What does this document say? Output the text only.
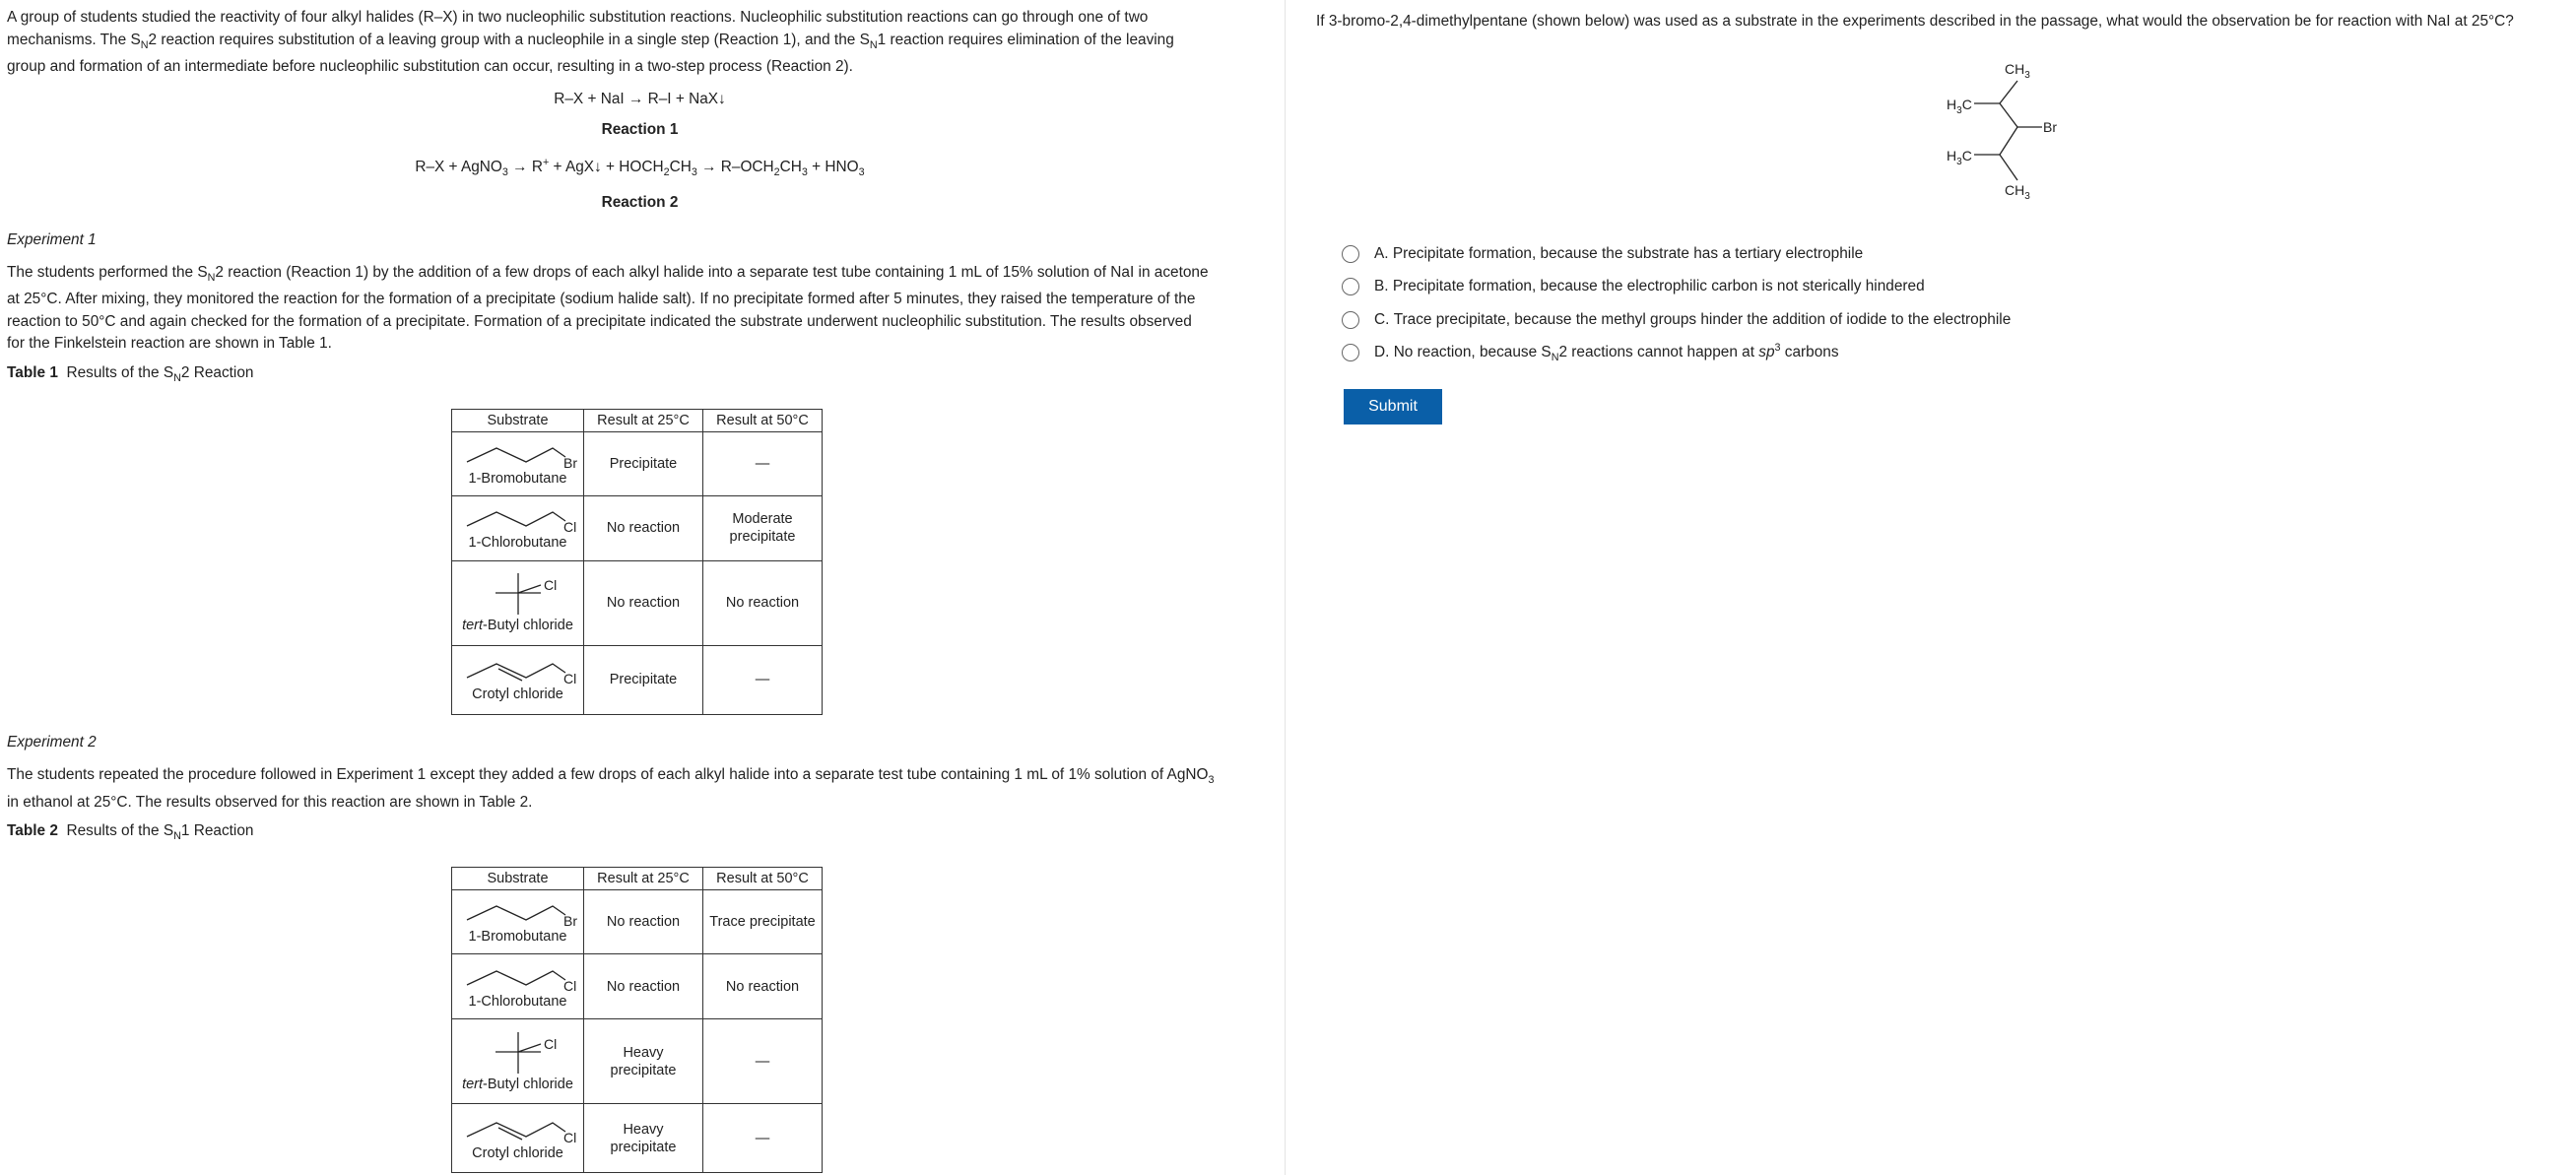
A group of students studied the reactivity of four alkyl halides (R–X) in two nucleophilic substitution reactions. Nucleophilic substitution reactions can go through one of two
mechanisms. The $S_N2$ reaction requires substitution of a leaving group with a nucleophile in a single step (Reaction 1), and the $S_N1$ reaction requires elimination of the leaving
group and formation of an intermediate before nucleophilic substitution can occur, resulting in a two-step process (Reaction 2).

R–X + NaI → R–I + NaX↓

Reaction 1

R–X + AgNO$_3$ → R+ + AgX↓ + $HOCH_2CH_3 \to R-OCH_2CH_3 + HNO_3$

Reaction 2

Experiment 1

The students performed the $S_N2$ reaction (Reaction 1) by the addition of a few drops of each alkyl halide into a separate test tube containing 1 mL of 15% solution of NaI in acetone
at 25°C. After mixing, they monitored the reaction for the formation of a precipitate (sodium halide salt). If no precipitate formed after 5 minutes, they raised the temperature of the
reaction to 50°C and again checked for the formation of a precipitate. Formation of a precipitate indicated the substrate underwent nucleophilic substitution. The results observed
for the Finkelstein reaction are shown in Table 1.

Table 1 Results of the $S_N2$ Reaction

Substrate	Result at 25°C	Result at 50°C

Br
1-Bromobutane	Precipitate	—

Cl
1-Chlorobutane	No reaction	Moderate precipitate

Cl
tert-Butyl chloride	No reaction	No reaction

Cl
Crotyl chloride	Precipitate	—

Experiment 2

The students repeated the procedure followed in Experiment 1 except they added a few drops of each alkyl halide into a separate test tube containing 1 mL of 1% solution of AgNO$_3$
in ethanol at 25°C. The results observed for this reaction are shown in Table 2.

Table 2 Results of the $S_N1$ Reaction

Substrate	Result at 25°C	Result at 50°C

Br
1-Bromobutane	No reaction	Trace precipitate

Cl
1-Chlorobutane	No reaction	No reaction

Cl
tert-Butyl chloride	Heavy precipitate	—

Cl
Crotyl chloride	Heavy precipitate	—

If 3-bromo-2,4-dimethylpentane (shown below) was used as a substrate in the experiments described in the passage, what would the observation be for reaction with NaI at 25°C?

$CH_3$
$CH_3$
Br
$H_3C$
$H_3C$
A.
Precipitate formation, because the substrate has a tertiary electrophile
B.
Precipitate formation, because the electrophilic carbon is not sterically hindered
C.
Trace precipitate, because the methyl groups hinder the addition of iodide to the electrophile
D.
No reaction, because $S_N2$ reactions cannot happen at $sp^3$ carbons
Submit
